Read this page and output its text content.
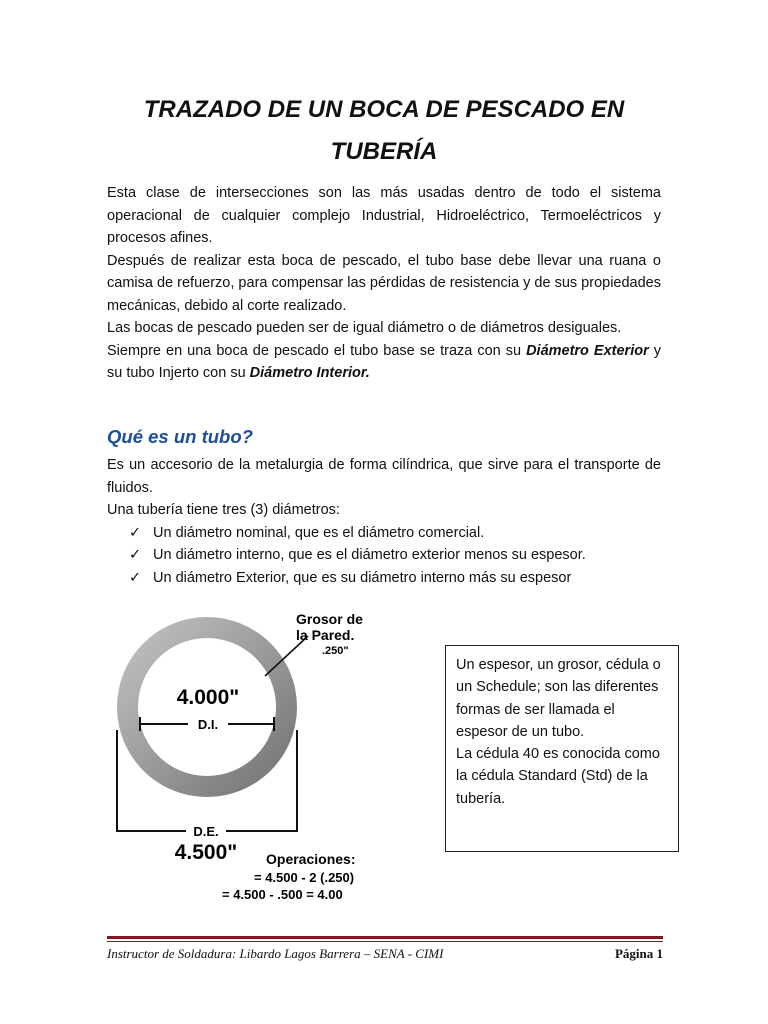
TRAZADO DE UN BOCA DE PESCADO EN
TUBERÍA

Esta clase de intersecciones son las más usadas dentro de todo el sistema operacional de cualquier complejo Industrial, Hidroeléctrico, Termoeléctricos y procesos afines.

Después de realizar esta boca de pescado, el tubo base debe llevar una ruana o camisa de refuerzo, para compensar las pérdidas de resistencia y de sus propiedades mecánicas, debido al corte realizado.

Las bocas de pescado pueden ser de igual diámetro o de diámetros desiguales.

Siempre en una boca de pescado el tubo base se traza con su Diámetro Exterior y su tubo Injerto con su Diámetro Interior.

Qué es un tubo?

Es un accesorio de la metalurgia de forma cilíndrica, que sirve para el transporte de fluidos.

Una tubería tiene tres (3) diámetros:

✓ Un diámetro nominal, que es el diámetro comercial.
✓ Un diámetro interno, que es el diámetro exterior menos su espesor.
✓ Un diámetro Exterior, que es su diámetro interno más su espesor
Grosor de
la Pared.
.250"
4.000"
D.I.
D.E.
4.500" Operaciones:
= 4.500 - 2 (.250)
= 4.500 - .500 = 4.00

Un espesor, un grosor, cédula o un Schedule; son las diferentes formas de ser llamada el espesor de un tubo.

La cédula 40 es conocida como la cédula Standard (Std) de la tubería.

Instructor de Soldadura: Libardo Lagos Barrera – SENA - CIMI	Página 1
